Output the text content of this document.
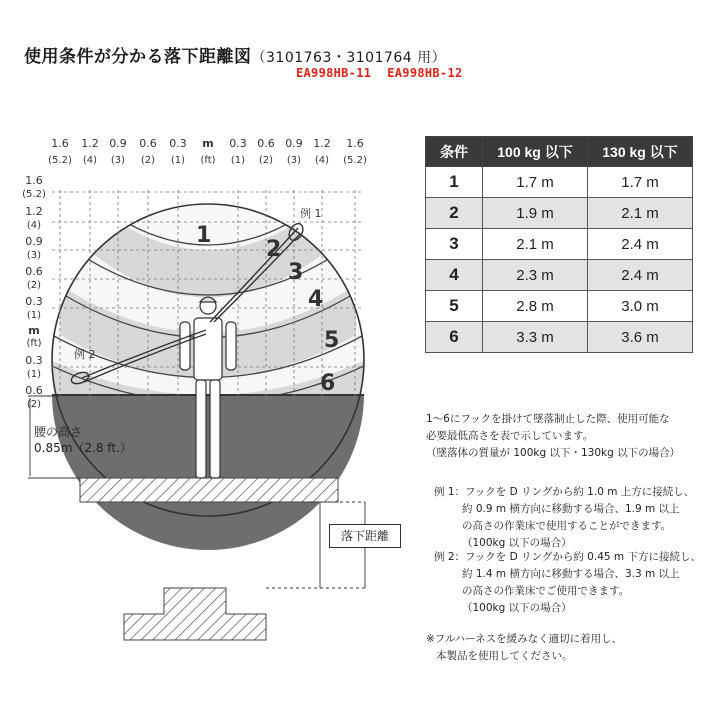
使用条件が分かる落下距離図（3101763・3101764 用）
EA998HB-11 EA998HB-12
1
2
3
4
5
6
例 1
例 2
1.6 1.2 0.9 0.6 0.3 m 0.3 0.6 0.9 1.2 1.6
(5.2) (4) (3) (2) (1) (ft) (1) (2) (3) (4) (5.2)
1.6
(5.2)
1.2
(4)
0.9
(3)
0.6
(2)
0.3
(1)
m
(ft)
0.3
(1)
0.6
(2)
腰の高さ
0.85m（2.8 ft.）
落下距離
条件	100 kg 以下	130 kg 以下
1	1.7 m	1.7 m
2	1.9 m	2.1 m
3	2.1 m	2.4 m
4	2.3 m	2.4 m
5	2.8 m	3.0 m
6	3.3 m	3.6 m
1～6にフックを掛けて墜落制止した際、使用可能な
必要最低高さを表で示しています。
（墜落体の質量が 100kg 以下・130kg 以下の場合）
例 1：フックを D リングから約 1.0 m 上方に接続し、
約 0.9 m 横方向に移動する場合、1.9 m 以上
の高さの作業床で使用することができます。
（100kg 以下の場合）
例 2：フックを D リングから約 0.45 m 下方に接続し、
約 1.4 m 横方向に移動する場合、3.3 m 以上
の高さの作業床でご使用できます。
（100kg 以下の場合）
※フルハーネスを緩みなく適切に着用し、
本製品を使用してください。
